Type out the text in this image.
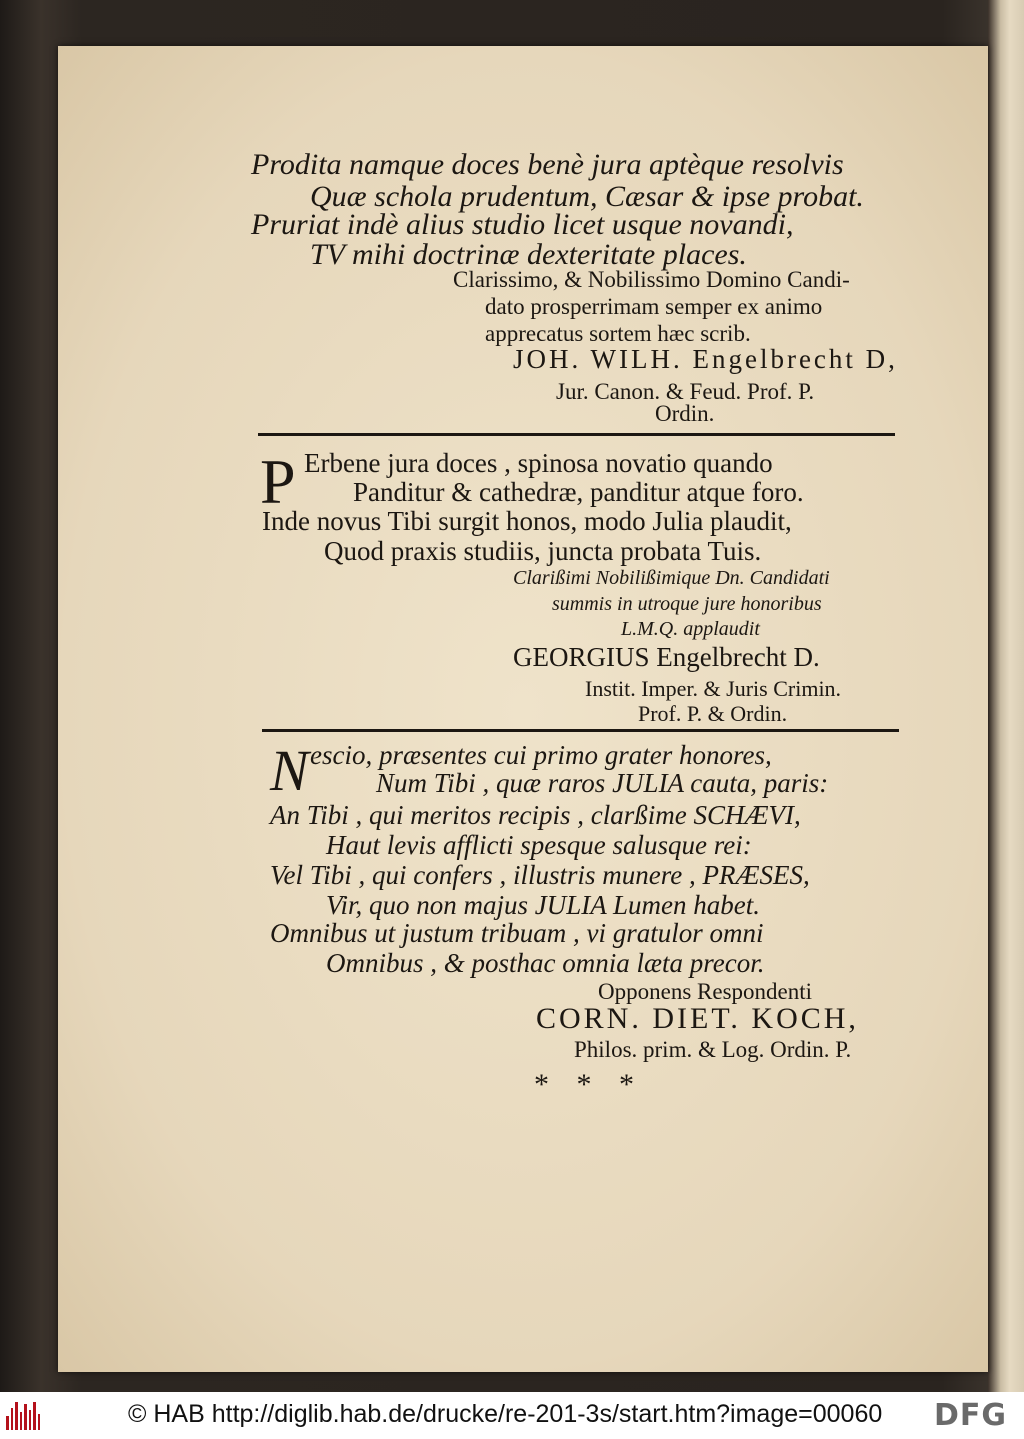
Prodita namque doces benè jura aptèque resolvis
Quæ schola prudentum, Cæsar & ipse probat.
Pruriat indè alius studio licet usque novandi,
TV mihi doctrinæ dexteritate places.
Clarissimo, & Nobilissimo Domino Candi-
dato prosperrimam semper ex animo
apprecatus sortem hæc scrib.
JOH. WILH. Engelbrecht D,
Jur. Canon. & Feud. Prof. P.
Ordin.
P Erbene jura doces , spinosa novatio quando
Panditur & cathedræ, panditur atque foro.
Inde novus Tibi surgit honos, modo Julia plaudit,
Quod praxis studiis, juncta probata Tuis.
Clarißimi Nobilißimique Dn. Candidati
summis in utroque jure honoribus
L.M.Q. applaudit
GEORGIUS Engelbrecht D.
Instit. Imper. & Juris Crimin.
Prof. P. & Ordin.
N escio, præsentes cui primo grater honores,
Num Tibi , quæ raros JULIA cauta, paris:
An Tibi , qui meritos recipis , clarßime SCHÆVI,
Haut levis afflicti spesque salusque rei:
Vel Tibi , qui confers , illustris munere , PRÆSES,
Vir, quo non majus JULIA Lumen habet.
Omnibus ut justum tribuam , vi gratulor omni
Omnibus , & posthac omnia læta precor.
Opponens Respondenti
CORN. DIET. KOCH,
Philos. prim. & Log. Ordin. P.
* * *
© HAB http://diglib.hab.de/drucke/re-201-3s/start.htm?image=00060 DFG
